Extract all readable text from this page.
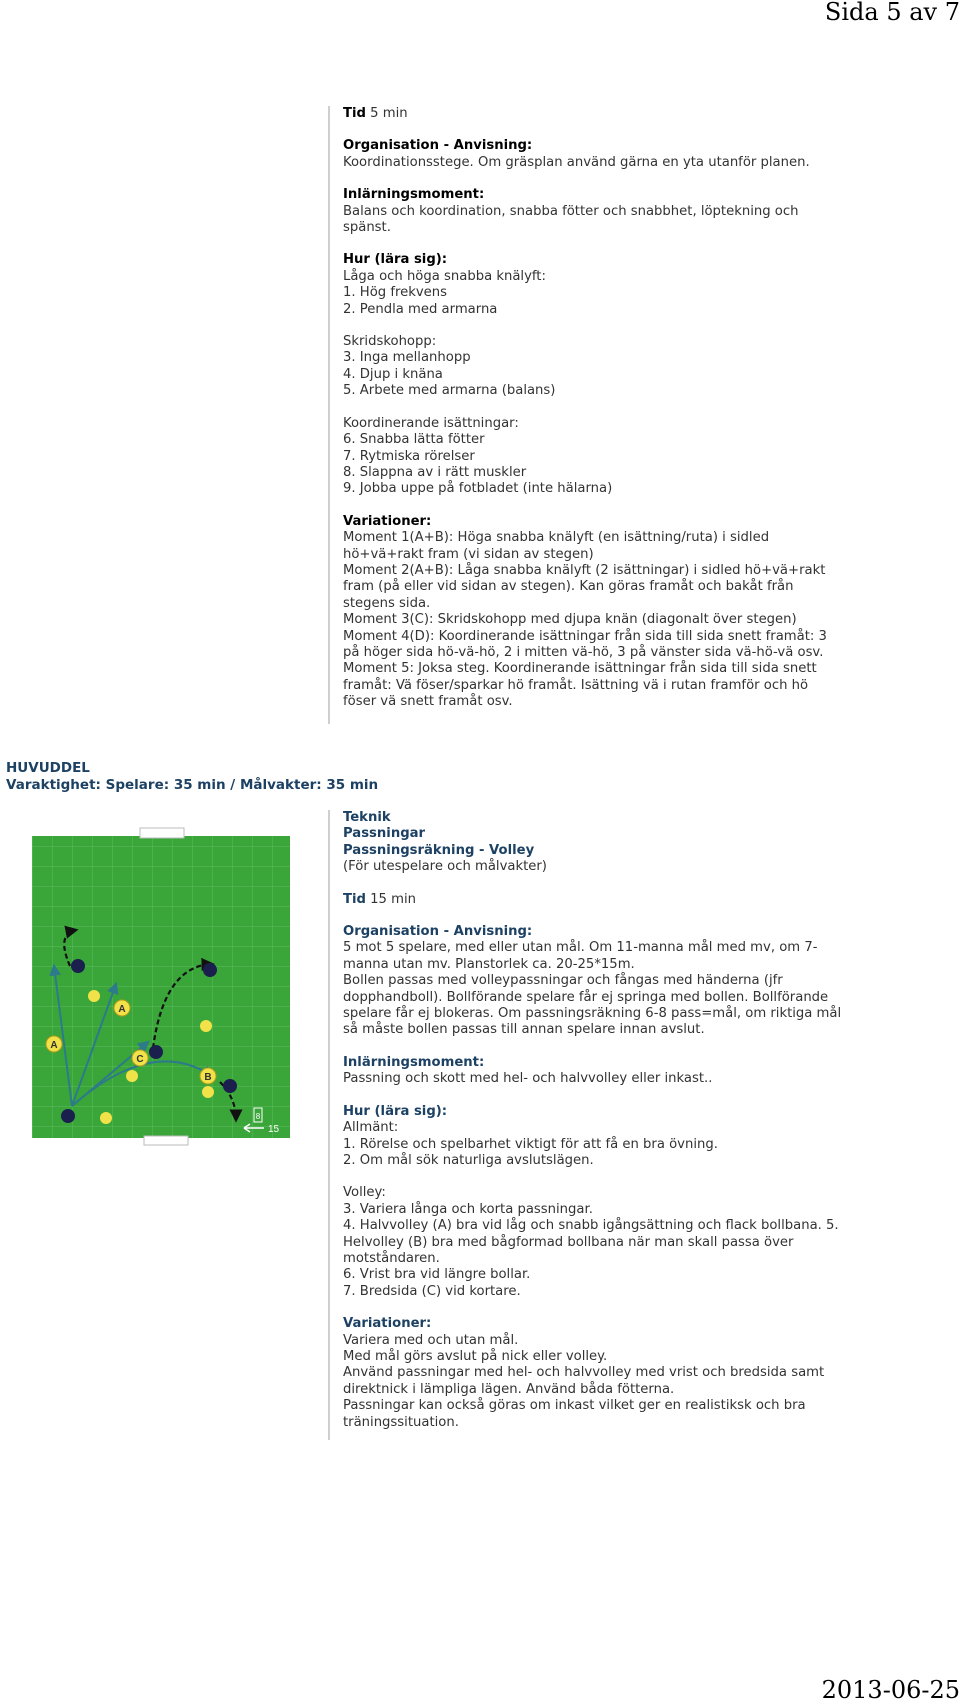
Sida 5 av 7

Tid 5 min

Organisation - Anvisning:

Koordinationsstege. Om gräsplan använd gärna en yta utanför planen.

Inlärningsmoment:

Balans och koordination, snabba fötter och snabbhet, löptekning och

spänst.

Hur (lära sig):

Låga och höga snabba knälyft:

1. Hög frekvens

2. Pendla med armarna

Skridskohopp:

3. Inga mellanhopp

4. Djup i knäna

5. Arbete med armarna (balans)

Koordinerande isättningar:

6. Snabba lätta fötter

7. Rytmiska rörelser

8. Slappna av i rätt muskler

9. Jobba uppe på fotbladet (inte hälarna)

Variationer:

Moment 1(A+B): Höga snabba knälyft (en isättning/ruta) i sidled

hö+vä+rakt fram (vi sidan av stegen)

Moment 2(A+B): Låga snabba knälyft (2 isättningar) i sidled hö+vä+rakt

fram (på eller vid sidan av stegen). Kan göras framåt och bakåt från

stegens sida.

Moment 3(C): Skridskohopp med djupa knän (diagonalt över stegen)

Moment 4(D): Koordinerande isättningar från sida till sida snett framåt: 3

på höger sida hö-vä-hö, 2 i mitten vä-hö, 3 på vänster sida vä-hö-vä osv.

Moment 5: Joksa steg. Koordinerande isättningar från sida till sida snett

framåt: Vä föser/sparkar hö framåt. Isättning vä i rutan framför och hö

föser vä snett framåt osv.

HUVUDDEL
Varaktighet: Spelare: 35 min / Målvakter: 35 min
A
A
C
B
8
15

Teknik

Passningar

Passningsräkning - Volley

(För utespelare och målvakter)

Tid 15 min

Organisation - Anvisning:

5 mot 5 spelare, med eller utan mål. Om 11-manna mål med mv, om 7-

manna utan mv. Planstorlek ca. 20-25*15m.

Bollen passas med volleypassningar och fångas med händerna (jfr

dopphandboll). Bollförande spelare får ej springa med bollen. Bollförande

spelare får ej blokeras. Om passningsräkning 6-8 pass=mål, om riktiga mål

så måste bollen passas till annan spelare innan avslut.

Inlärningsmoment:

Passning och skott med hel- och halvvolley eller inkast..

Hur (lära sig):

Allmänt:

1. Rörelse och spelbarhet viktigt för att få en bra övning.

2. Om mål sök naturliga avslutslägen.

Volley:

3. Variera långa och korta passningar.

4. Halvvolley (A) bra vid låg och snabb igångsättning och flack bollbana. 5.

Helvolley (B) bra med bågformad bollbana när man skall passa över

motståndaren.

6. Vrist bra vid längre bollar.

7. Bredsida (C) vid kortare.

Variationer:

Variera med och utan mål.

Med mål görs avslut på nick eller volley.

Använd passningar med hel- och halvvolley med vrist och bredsida samt

direktnick i lämpliga lägen. Använd båda fötterna.

Passningar kan också göras om inkast vilket ger en realistiksk och bra

träningssituation.

2013-06-25
